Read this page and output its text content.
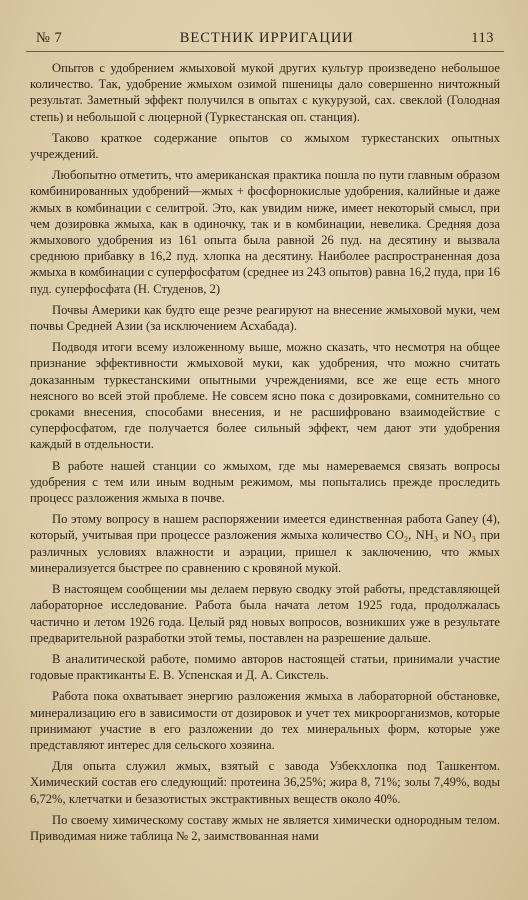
№ 7	ВЕСТНИК ИРРИГАЦИИ	113

Опытов с удобрением жмыховой мукой других культур произведено небольшое количество. Так, удобрение жмыхом озимой пшеницы дало совершенно ничтожный результат. Заметный эффект получился в опытах с кукурузой, сах. свеклой (Голодная степь) и небольшой с люцерной (Туркестанская оп. станция).

Таково краткое содержание опытов со жмыхом туркестанских опытных учреждений.

Любопытно отметить, что американская практика пошла по пути главным образом комбинированных удобрений—жмых + фосфорнокислые удобрения, калийные и даже жмых в комбинации с селитрой. Это, как увидим ниже, имеет некоторый смысл, при чем дозировка жмыха, как в одиночку, так и в комбинации, невелика. Средняя доза жмыхового удобрения из 161 опыта была равной 26 пуд. на десятину и вызвала среднюю прибавку в 16,2 пуд. хлопка на десятину. Наиболее распространенная доза жмыха в комбинации с суперфосфатом (среднее из 243 опытов) равна 16,2 пуда, при 16 пуд. суперфосфата (Н. Студенов, 2)

Почвы Америки как будто еще резче реагируют на внесение жмыховой муки, чем почвы Средней Азии (за исключением Асхабада).

Подводя итоги всему изложенному выше, можно сказать, что несмотря на общее признание эффективности жмыховой муки, как удобрения, что можно считать доказанным туркестанскими опытными учреждениями, все же еще есть много неясного во всей этой проблеме. Не совсем ясно пока с дозировками, сомнительно со сроками внесения, способами внесения, и не расшифровано взаимодействие с суперфосфатом, где получается более сильный эффект, чем дают эти удобрения каждый в отдельности.

В работе нашей станции со жмыхом, где мы намереваемся связать вопросы удобрения с тем или иным водным режимом, мы попытались прежде проследить процесс разложения жмыха в почве.

По этому вопросу в нашем распоряжении имеется единственная работа Ganey (4), который, учитывая при процессе разложения жмыха количество CO₂, NH₃ и NO₃ при различных условиях влажности и аэрации, пришел к заключению, что жмых минерализуется быстрее по сравнению с кровяной мукой.

В настоящем сообщении мы делаем первую сводку этой работы, представляющей лабораторное исследование. Работа была начата летом 1925 года, продолжалась частично и летом 1926 года. Целый ряд новых вопросов, возникших уже в результате предварительной разработки этой темы, поставлен на разрешение дальше.

В аналитической работе, помимо авторов настоящей статьи, принимали участие годовые практиканты Е. В. Успенская и Д. А. Сикстель.

Работа пока охватывает энергию разложения жмыха в лабораторной обстановке, минерализацию его в зависимости от дозировок и учет тех микроорганизмов, которые принимают участие в его разложении до тех минеральных форм, которые уже представляют интерес для сельского хозяина.

Для опыта служил жмых, взятый с завода Узбекхлопка под Ташкентом. Химический состав его следующий: протеина 36,25%; жира 8, 71%; золы 7,49%, воды 6,72%, клетчатки и безазотистых экстрактивных веществ около 40%.

По своему химическому составу жмых не является химически однородным телом. Приводимая ниже таблица № 2, заимствованная нами
